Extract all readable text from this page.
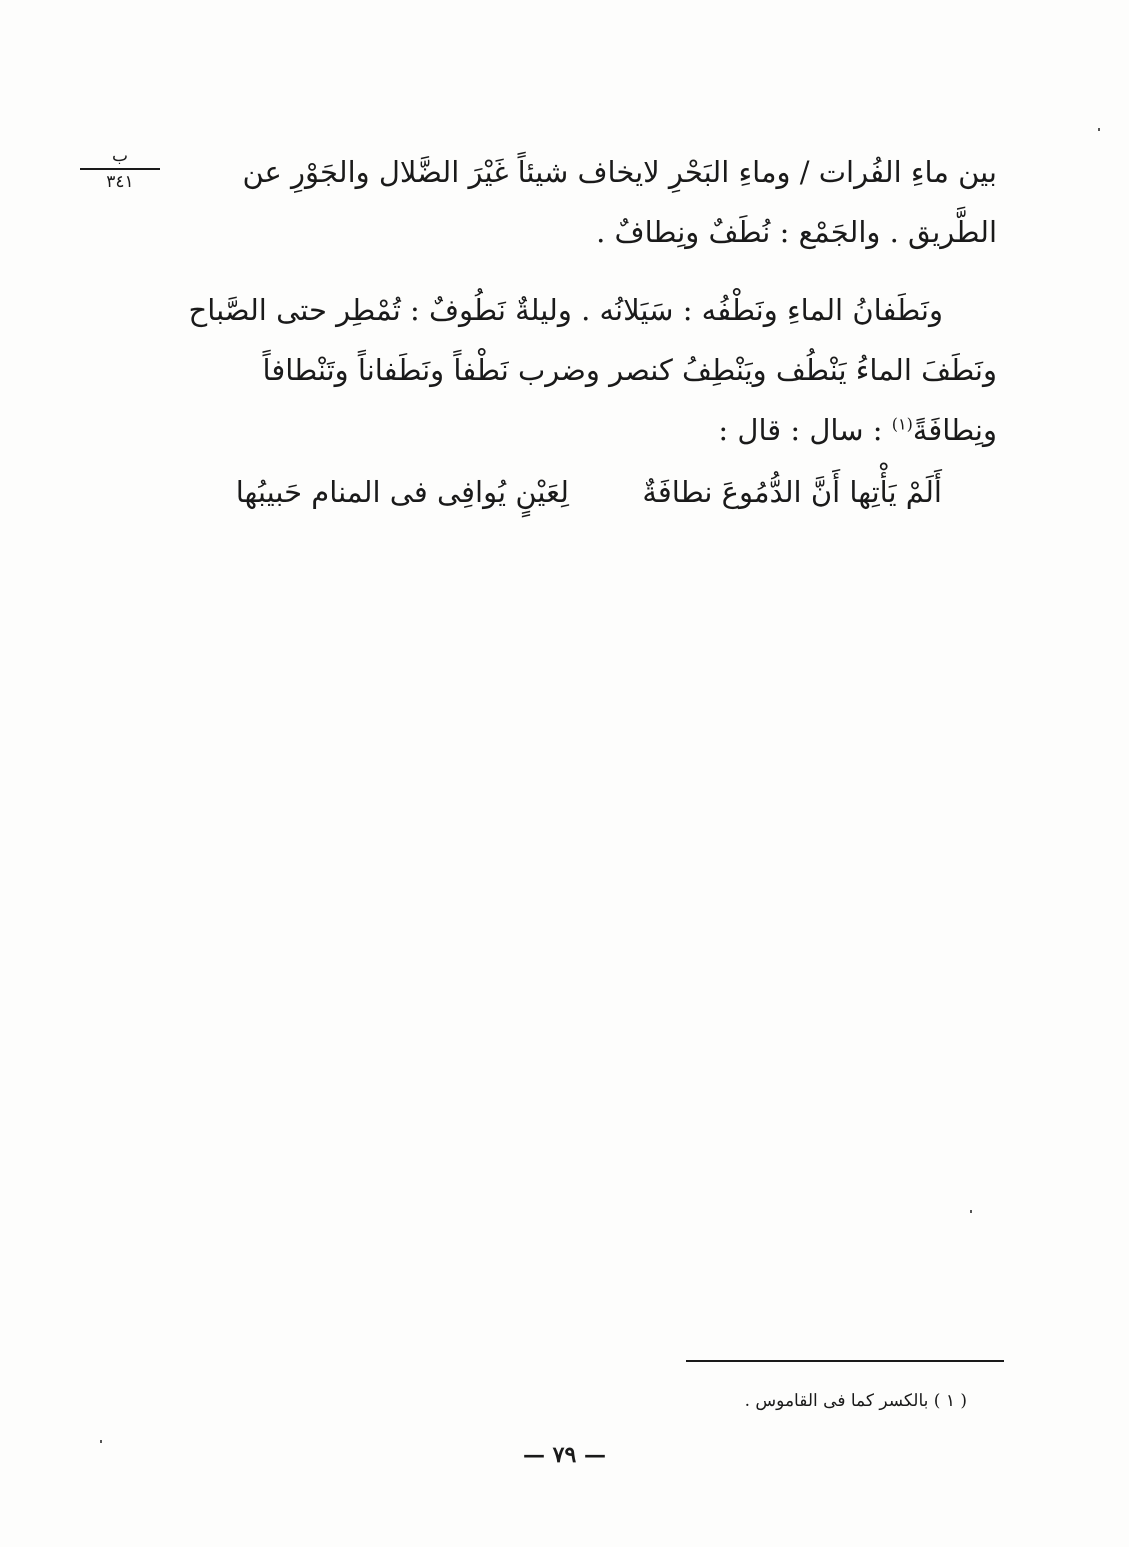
ب
٣٤١	بين ماءِ الفُرات / وماءِ البَحْرِ لايخاف شيئاً غَيْرَ الضَّلال والجَوْرِ عن
الطَّريق . والجَمْع : نُطَفٌ ونِطافٌ .
ونَطَفانُ الماءِ ونَطْفُه : سَيَلانُه . وليلةٌ نَطُوفٌ : تُمْطِر حتى الصَّباح
ونَطَفَ الماءُ يَنْطُف ويَنْطِفُ كنصر وضرب نَطْفاً ونَطَفاناً وتَنْطافاً
ونِطافَةً$^{(١)}$ : سال : قال :
أَلَمْ يَأْتِها أَنَّ الدُّمُوعَ نطافَةٌ
لِعَيْنٍ يُوافِى فى المنام حَبيبُها
( ١ ) بالكسر كما فى القاموس .
— ٧٩ —
